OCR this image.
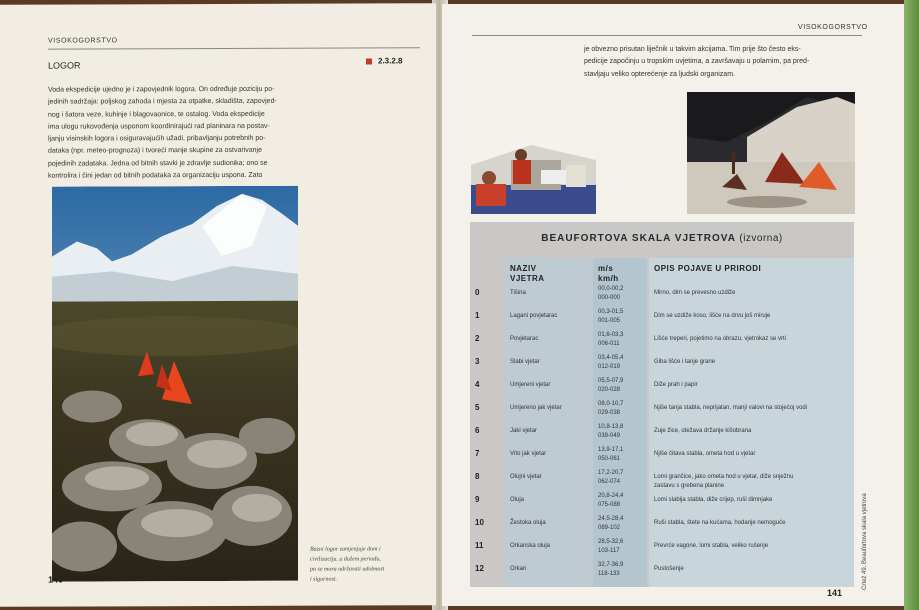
VISOKOGORSTVO
LOGOR	2.3.2.8
Voda ekspedicije ujedno je i zapovjednik logora. On određuje poziciju po-
jedinih sadržaja: poljskog zahoda i mjesta za otpatke, skladišta, zapovjed-
nog i šatora veze, kuhinje i blagovaonice, te ostalog. Voda ekspedicije
ima ulogu rukovođenja usponom koordinirajući rad planinara na postav-
ljanju visinskih logora i osiguravajućih užadi, pribavljanju potrebnih po-
dataka (npr. meteo-prognoza) i tvoreći manje skupine za ostvarivanje
pojedinih zadataka. Jedna od bitnih stavki je zdravlje sudionika; ono se
kontrolira i čini jedan od bitnih podataka za organizaciju uspona. Zato
Bazni logor zamjenjuje dom i
civilizaciju. u dužem periodu,
pa se mora održavati udobnost
i sigurnost.
140
VISOKOGORSTVO
je obvezno prisutan liječnik u takvim akcijama. Tim prije što često eks-
pedicije započinju u tropskim uvjetima, a završavaju u polarnim, pa pred-
stavljaju veliko opterećenje za ljudski organizam.
141
BEAUFORTOVA SKALA VJETROVA (izvorna)
NAZIV
VJETRA
m/s
km/h
OPIS POJAVE U PRIRODI
0	Tišina
00,0-00,2
000-000
Mirno, dim se prevesno uzdiže
1	Lagani povjetarac
00,3-01,5
001-005
Dim se uzdiže koso, lišće na drvu još miruje
2	Povjetarac
01,6-03,3
006-011
Lišće treperi, pojetimo na obrazu, vjetrokaz se vrti
3	Slabi vjetar
03,4-05,4
012-019
Giba lišće i tanje grane
4	Umjereni vjetar
05,5-07,9
020-028
Diže prah i papir
5	Umjereno jak vjetar
08,0-10,7
029-038
Njiše tanja stabla, neprijatan, manji valovi na stojećoj vodi
6	Jaki vjetar
10,8-13,8
039-049
Zuje žice, otežava držanje kišobrana
7	Vrlo jak vjetar
13,9-17,1
050-061
Njiše čitava stabla, ometa hod u vjetar
8	Olujni vjetar
17,2-20,7
062-074
Lomi grančice, jako ometa hod u vjetar, diže snježnu
zastavu s grebena planine
9	Oluja
20,8-24,4
075-088
Lomi slabija stabla, diže crijep, ruši dimnjake
10	Žestoka oluja
24,5-28,4
089-102
Ruši stabla, štete na kućama, hodanje nemoguće
11	Orkanska oluja
28,5-32,6
103-117
Prevrće vagone, lomi stabla, veliko rušenje
12	Orkan
32,7-36,9
118-133
Pustošenje	Crtež 49. Beaufortova skala vjetrova
